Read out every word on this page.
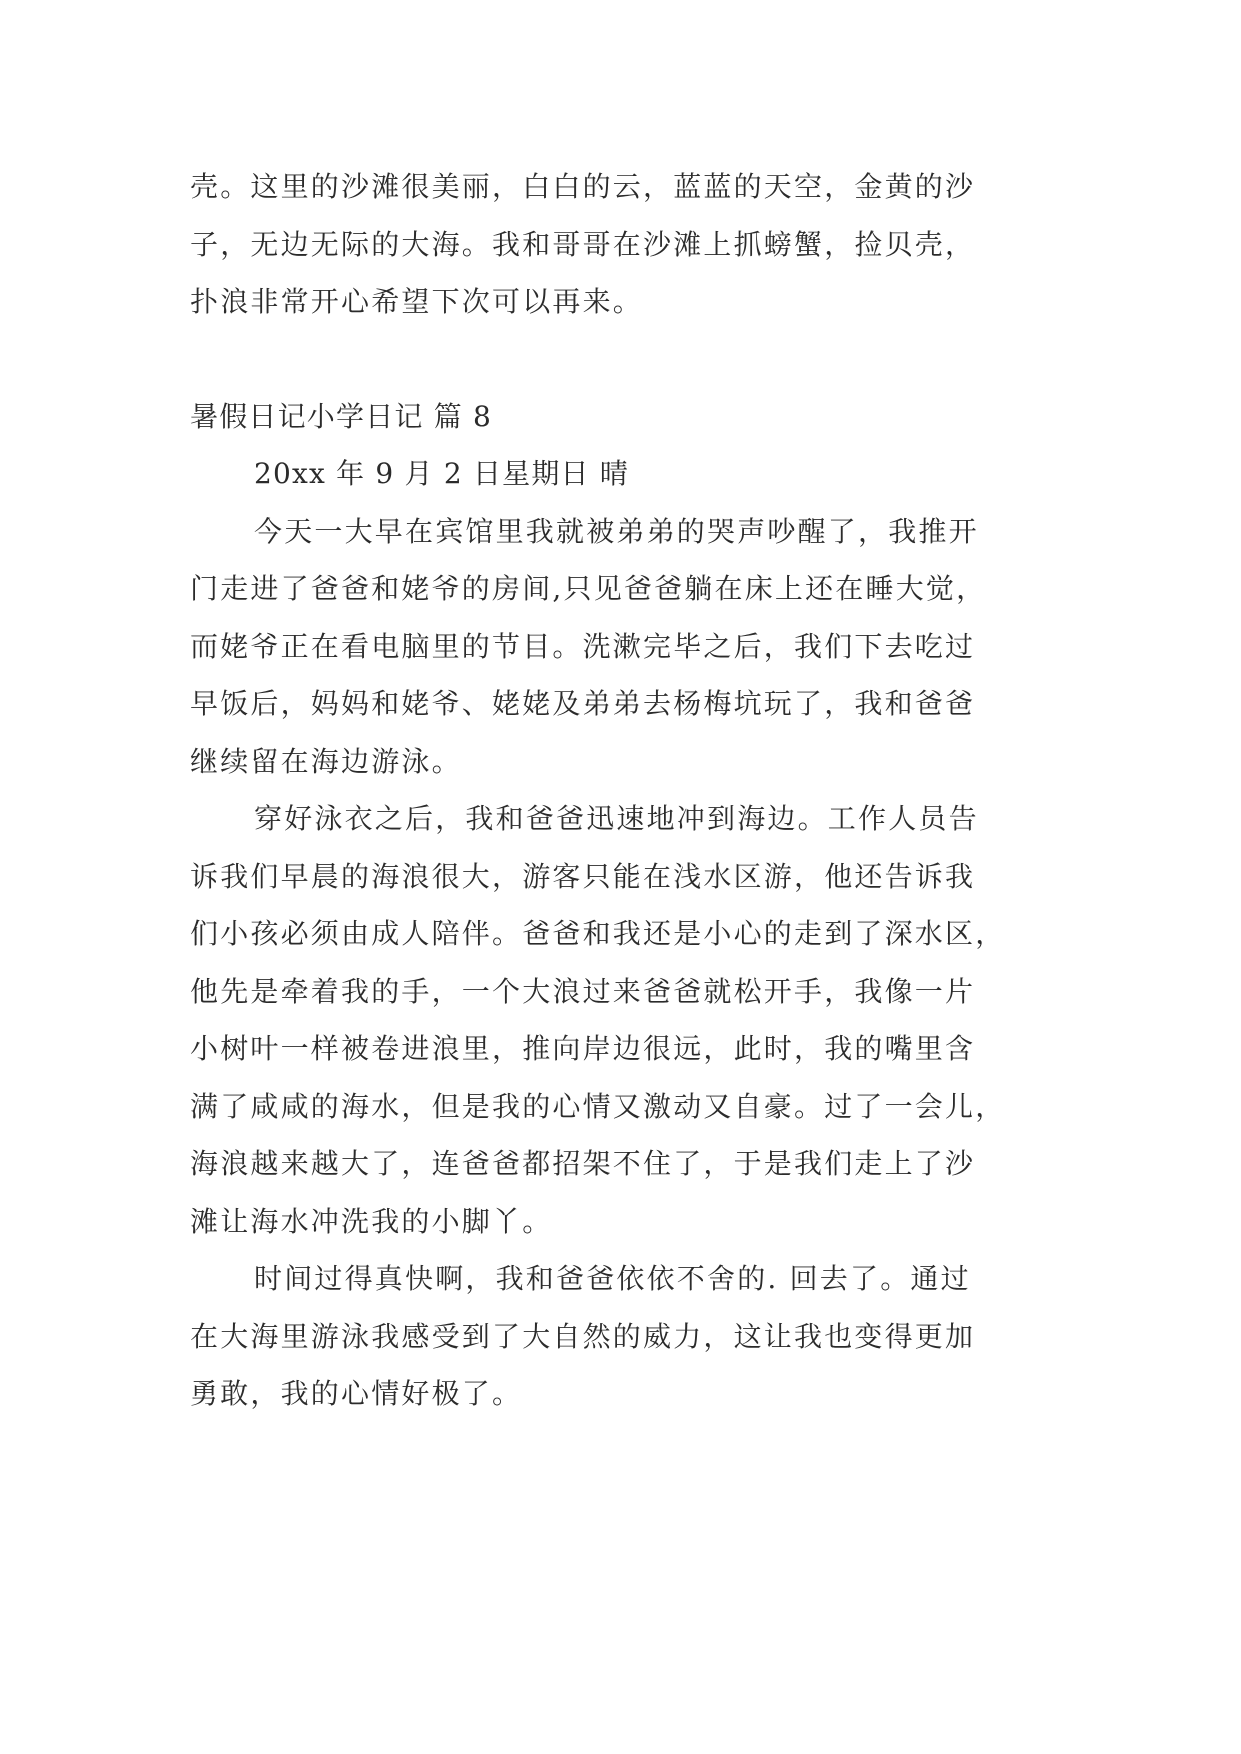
壳。这里的沙滩很美丽，白白的云，蓝蓝的天空，金黄的沙
子，无边无际的大海。我和哥哥在沙滩上抓螃蟹，捡贝壳，
扑浪非常开心希望下次可以再来。
暑假日记小学日记 篇 8
20xx 年 9 月 2 日星期日 晴
今天一大早在宾馆里我就被弟弟的哭声吵醒了，我推开
门走进了爸爸和姥爷的房间,只见爸爸躺在床上还在睡大觉，
而姥爷正在看电脑里的节目。洗漱完毕之后，我们下去吃过
早饭后，妈妈和姥爷、姥姥及弟弟去杨梅坑玩了，我和爸爸
继续留在海边游泳。
穿好泳衣之后，我和爸爸迅速地冲到海边。工作人员告
诉我们早晨的海浪很大，游客只能在浅水区游，他还告诉我
们小孩必须由成人陪伴。爸爸和我还是小心的走到了深水区，
他先是牵着我的手，一个大浪过来爸爸就松开手，我像一片
小树叶一样被卷进浪里，推向岸边很远，此时，我的嘴里含
满了咸咸的海水，但是我的心情又激动又自豪。过了一会儿，
海浪越来越大了，连爸爸都招架不住了，于是我们走上了沙
滩让海水冲洗我的小脚丫。
时间过得真快啊，我和爸爸依依不舍的. 回去了。通过
在大海里游泳我感受到了大自然的威力，这让我也变得更加
勇敢，我的心情好极了。
